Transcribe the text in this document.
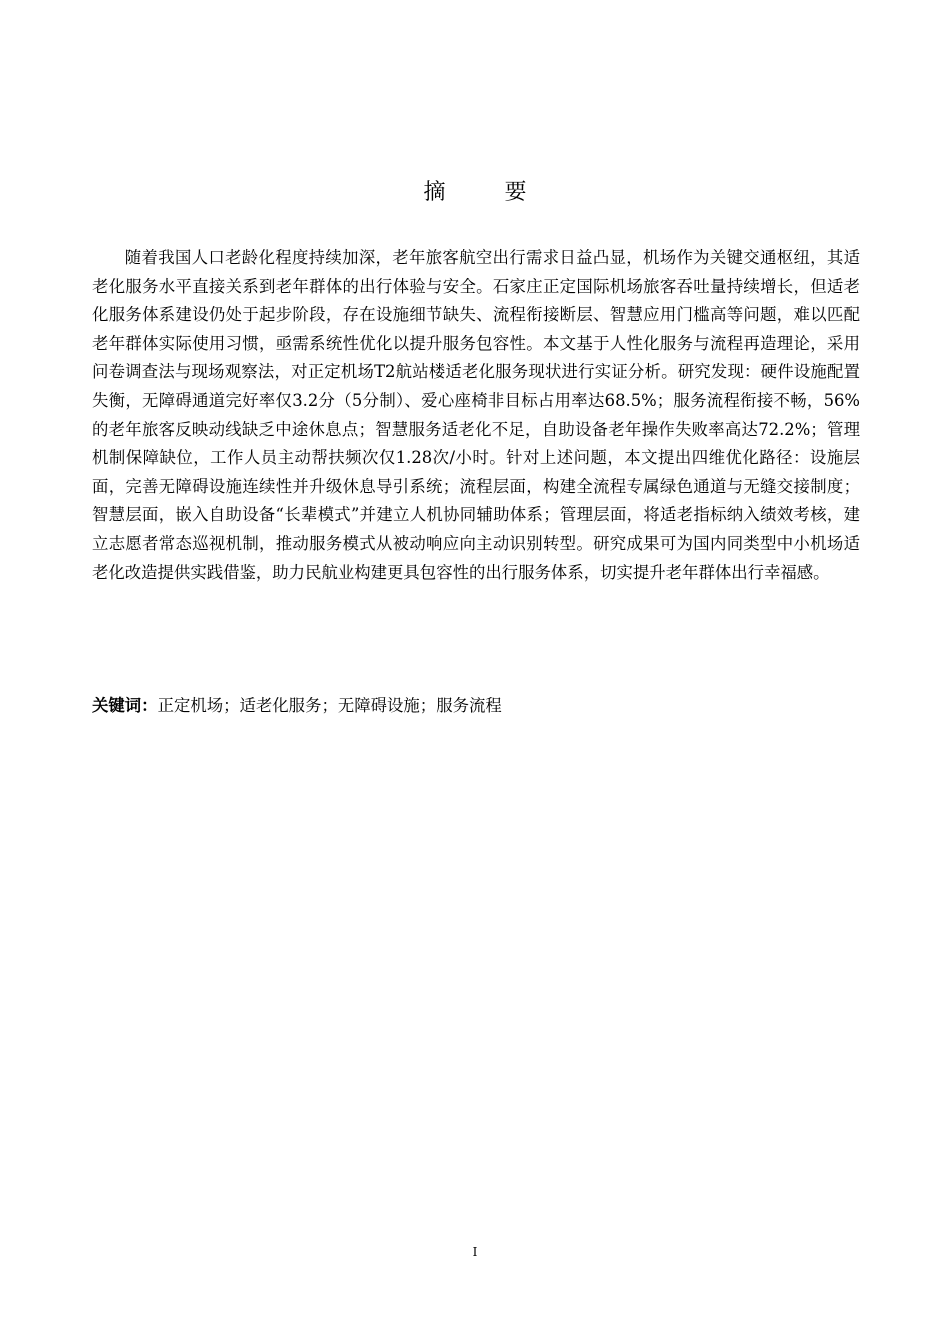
摘 要

随着我国人口老龄化程度持续加深，老年旅客航空出行需求日益凸显，机场作为关键交通枢纽，其适老化服务水平直接关系到老年群体的出行体验与安全。石家庄正定国际机场旅客吞吐量持续增长，但适老化服务体系建设仍处于起步阶段，存在设施细节缺失、流程衔接断层、智慧应用门槛高等问题，难以匹配老年群体实际使用习惯，亟需系统性优化以提升服务包容性。本文基于人性化服务与流程再造理论，采用问卷调查法与现场观察法，对正定机场T2航站楼适老化服务现状进行实证分析。研究发现：硬件设施配置失衡，无障碍通道完好率仅3.2分（5分制）、爱心座椅非目标占用率达68.5%；服务流程衔接不畅，56%的老年旅客反映动线缺乏中途休息点；智慧服务适老化不足，自助设备老年操作失败率高达72.2%；管理机制保障缺位，工作人员主动帮扶频次仅1.28次/小时。针对上述问题，本文提出四维优化路径：设施层面，完善无障碍设施连续性并升级休息导引系统；流程层面，构建全流程专属绿色通道与无缝交接制度；智慧层面，嵌入自助设备“长辈模式”并建立人机协同辅助体系；管理层面，将适老指标纳入绩效考核，建立志愿者常态巡视机制，推动服务模式从被动响应向主动识别转型。研究成果可为国内同类型中小机场适老化改造提供实践借鉴，助力民航业构建更具包容性的出行服务体系，切实提升老年群体出行幸福感。

关键词：正定机场；适老化服务；无障碍设施；服务流程
I
